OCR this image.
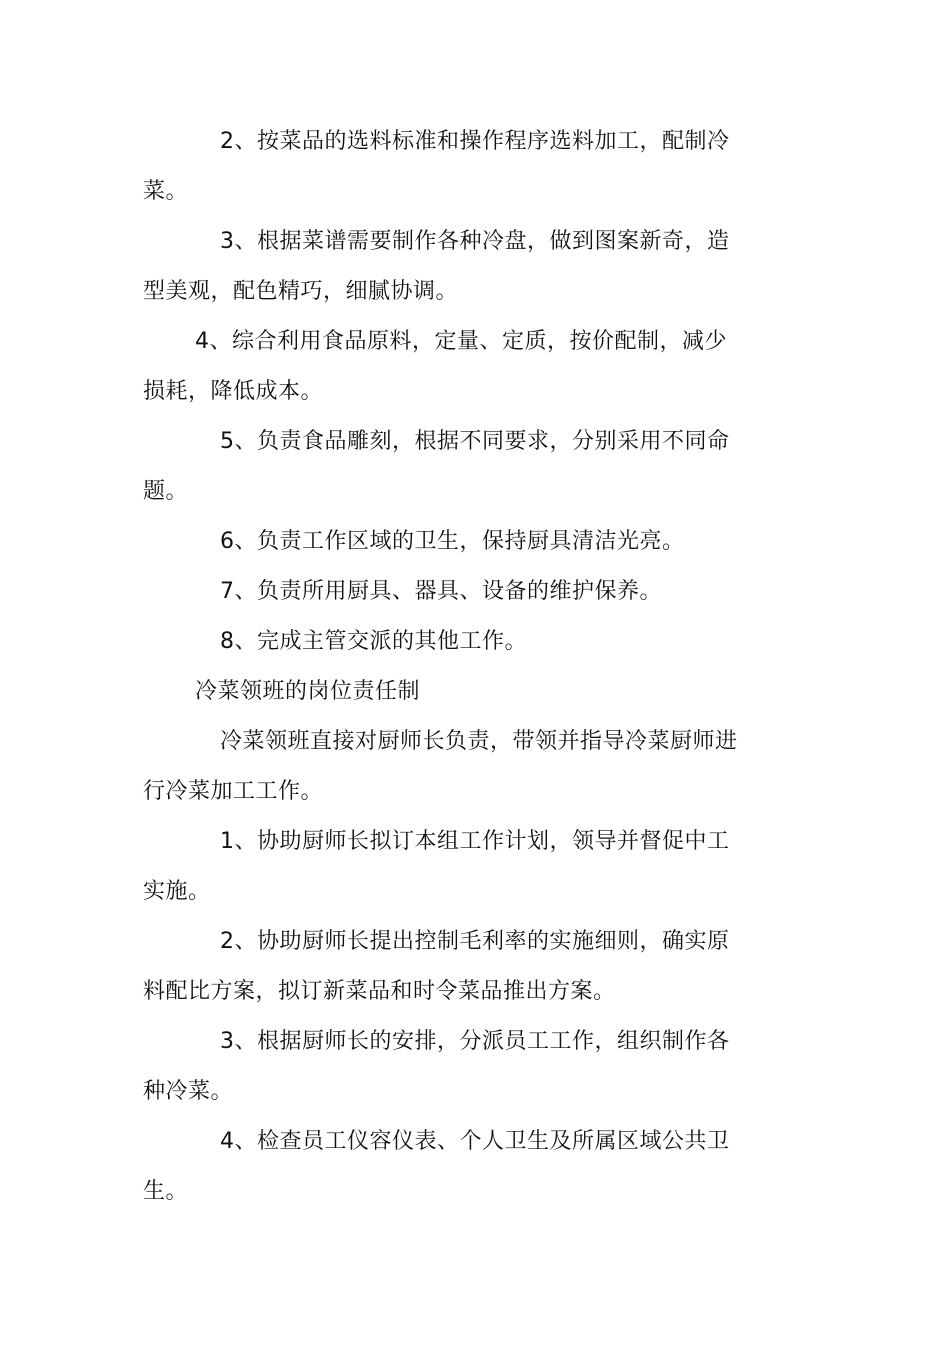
2、按菜品的选料标准和操作程序选料加工，配制冷
菜。
3、根据菜谱需要制作各种冷盘，做到图案新奇，造
型美观，配色精巧，细腻协调。
4、综合利用食品原料，定量、定质，按价配制，减少
损耗，降低成本。
5、负责食品雕刻，根据不同要求，分别采用不同命
题。
6、负责工作区域的卫生，保持厨具清洁光亮。
7、负责所用厨具、器具、设备的维护保养。
8、完成主管交派的其他工作。
冷菜领班的岗位责任制
冷菜领班直接对厨师长负责，带领并指导冷菜厨师进
行冷菜加工工作。
1、协助厨师长拟订本组工作计划，领导并督促中工
实施。
2、协助厨师长提出控制毛利率的实施细则，确实原
料配比方案，拟订新菜品和时令菜品推出方案。
3、根据厨师长的安排，分派员工工作，组织制作各
种冷菜。
4、检查员工仪容仪表、个人卫生及所属区域公共卫
生。
